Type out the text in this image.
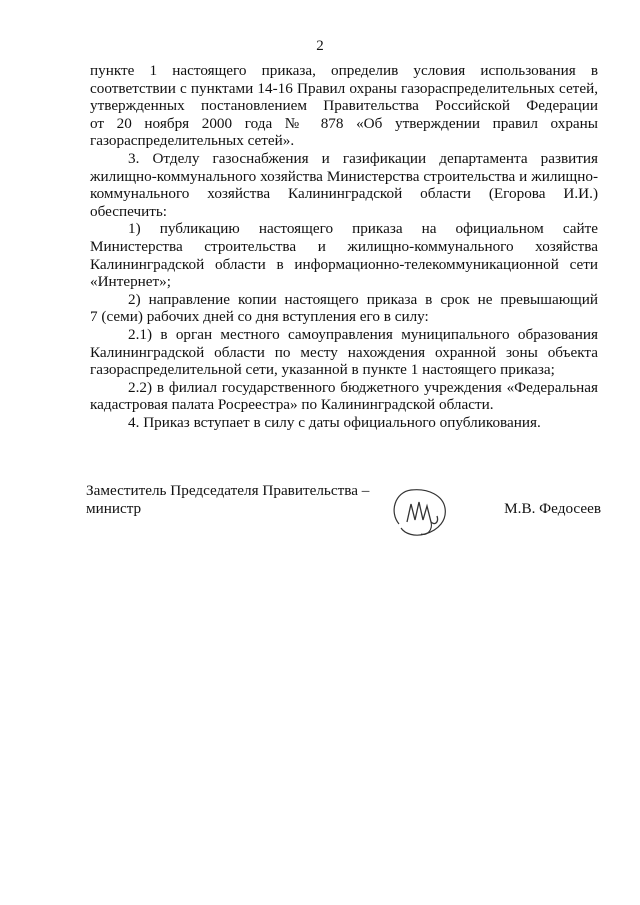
2

пункте 1 настоящего приказа, определив условия использования в

соответствии с пунктами 14-16 Правил охраны газораспределительных сетей,

утвержденных постановлением Правительства Российской Федерации

от 20 ноября 2000 года № 878 «Об утверждении правил охраны

газораспределительных сетей».

3. Отделу газоснабжения и газификации департамента развития

жилищно-коммунального хозяйства Министерства строительства и жилищно-

коммунального хозяйства Калининградской области (Егорова И.И.)

обеспечить:

1) публикацию настоящего приказа на официальном сайте

Министерства строительства и жилищно-коммунального хозяйства

Калининградской области в информационно-телекоммуникационной сети

«Интернет»;

2) направление копии настоящего приказа в срок не превышающий

7 (семи) рабочих дней со дня вступления его в силу:

2.1) в орган местного самоуправления муниципального образования

Калининградской области по месту нахождения охранной зоны объекта

газораспределительной сети, указанной в пункте 1 настоящего приказа;

2.2) в филиал государственного бюджетного учреждения «Федеральная

кадастровая палата Росреестра» по Калининградской области.

4. Приказ вступает в силу с даты официального опубликования.

Заместитель Председателя Правительства –
министр	М.В. Федосеев
